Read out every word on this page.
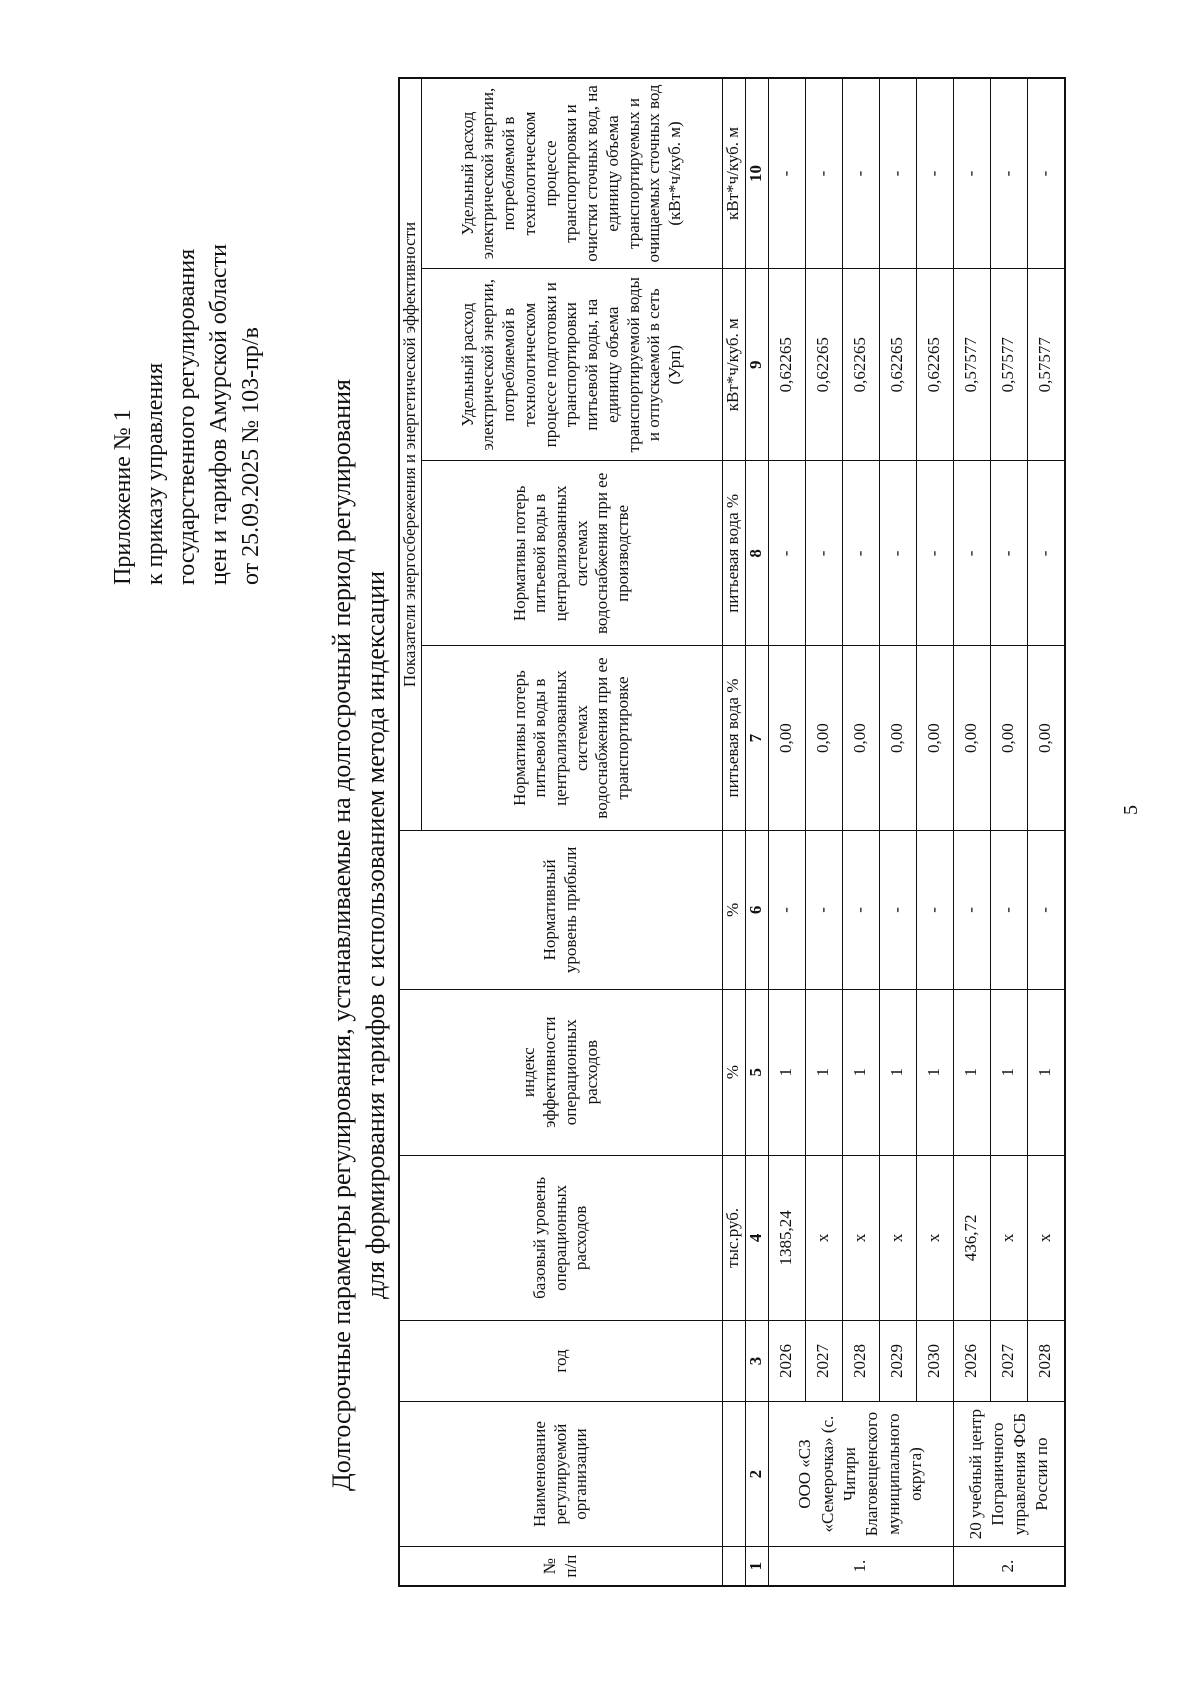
5
Приложение № 1 к приказу управления государственного регулирования цен и тарифов Амурской области от 25.09.2025 № 103-пр/в Долгосрочные параметры регулирования, устанавливаемые на долгосрочный период регулирования для формирования тарифов с использованием метода индексации
№ п/п	Наименование регулируемой организации	год	базовый уровень операционных расходов	индекс эффективности операционных расходов	Нормативный уровень прибыли	Показатели энергосбережения и энергетической эффективности			
						Нормативы потерь питьевой воды в централизованных системах водоснабжения при ее транспортировке	Нормативы потерь питьевой воды в централизованных системах водоснабжения при ее производстве	Удельный расход электрической энергии, потребляемой в технологическом процессе подготовки и транспортировки питьевой воды, на единицу объема транспортируемой воды и отпускаемой в сеть (Урп)	Удельный расход электрической энергии, потребляемой в технологическом процессе транспортировки и очистки сточных вод, на единицу объема транспортируемых и очищаемых сточных вод (кВт*ч/куб. м)
			тыс.руб.	%	%	питьевая вода %	питьевая вода %	кВт*ч/куб. м	кВт*ч/куб. м
1	2	3	4	5	6	7	8	9	10
1.	ООО «СЗ «Семерочка» (с. Чигири Благовещенского муниципального округа)	2026	1385,24	1	-	0,00	-	0,62265	-
		2027	х	1	-	0,00	-	0,62265	-
		2028	х	1	-	0,00	-	0,62265	-
		2029	х	1	-	0,00	-	0,62265	-
		2030	х	1	-	0,00	-	0,62265	-
2.	20 учебный центр Пограничного управления ФСБ России по	2026	436,72	1	-	0,00	-	0,57577	-
		2027	х	1	-	0,00	-	0,57577	-
		2028	х	1	-	0,00	-	0,57577	-
